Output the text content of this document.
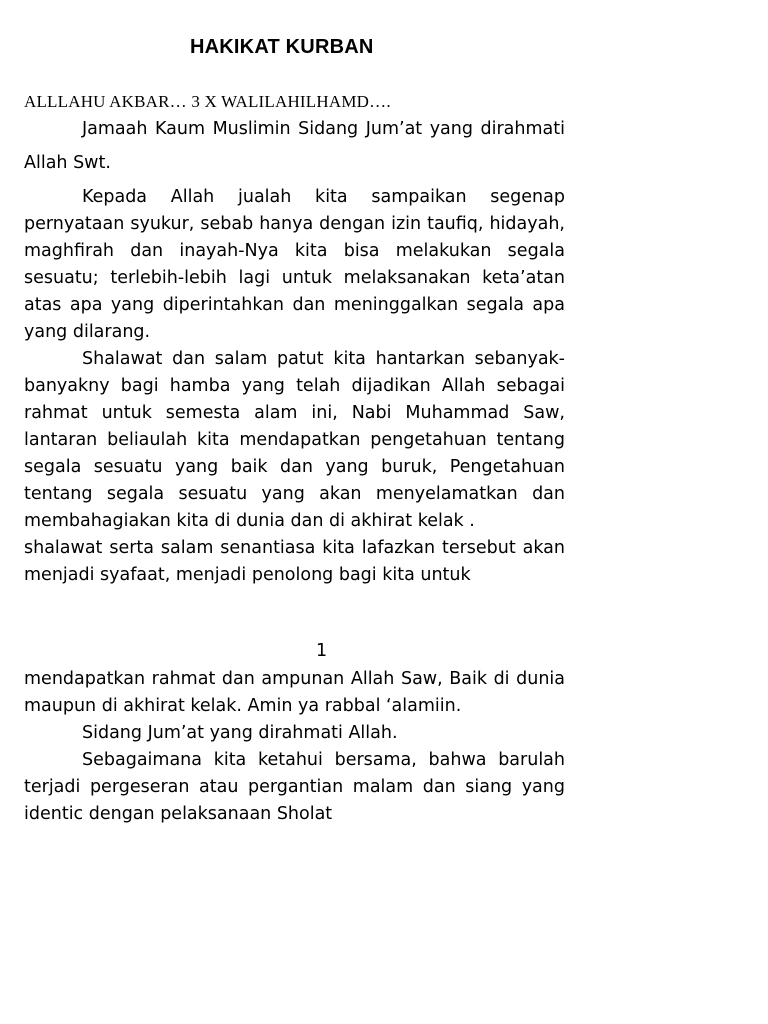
HAKIKAT KURBAN
ALLLAHU AKBAR… 3 X WALILAHILHAMD….

Jamaah Kaum Muslimin Sidang Jum’at yang dirahmati Allah Swt.

Kepada Allah jualah kita sampaikan segenap pernyataan syukur, sebab hanya dengan izin taufiq, hidayah, maghfirah dan inayah-Nya kita bisa melakukan segala sesuatu; terlebih-lebih lagi untuk melaksanakan keta’atan atas apa yang diperintahkan dan meninggalkan segala apa yang dilarang.

Shalawat dan salam patut kita hantarkan sebanyak-banyakny bagi hamba yang telah dijadikan Allah sebagai rahmat untuk semesta alam ini, Nabi Muhammad Saw, lantaran beliaulah kita mendapatkan pengetahuan tentang segala sesuatu yang baik dan yang buruk, Pengetahuan tentang segala sesuatu yang akan menyelamatkan dan membahagiakan kita di dunia dan di akhirat kelak .

shalawat serta salam senantiasa kita lafazkan tersebut akan menjadi syafaat, menjadi penolong bagi kita untuk

1

mendapatkan rahmat dan ampunan Allah Saw, Baik di dunia maupun di akhirat kelak. Amin ya rabbal ‘alamiin.

Sidang Jum’at yang dirahmati Allah.

Sebagaimana kita ketahui bersama, bahwa barulah terjadi pergeseran atau pergantian malam dan siang yang identic dengan pelaksanaan Sholat
